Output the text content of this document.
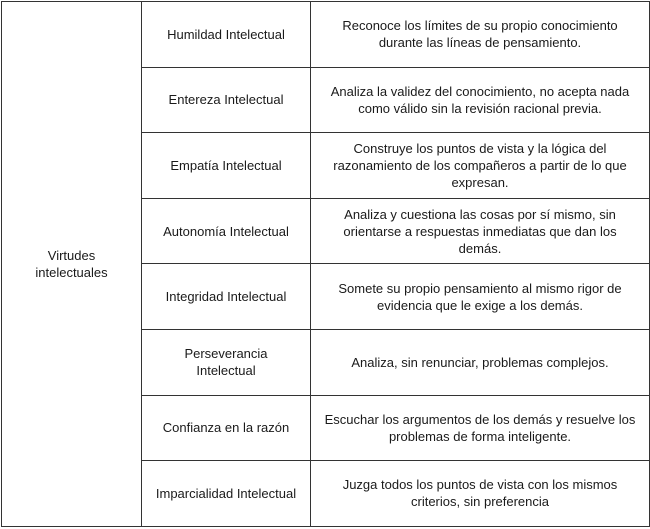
Virtudes intelectuales	Humildad Intelectual	Reconoce los límites de su propio conocimiento durante las líneas de pensamiento.
	Entereza Intelectual	Analiza la validez del conocimiento, no acepta nada como válido sin la revisión racional previa.
	Empatía Intelectual	Construye los puntos de vista y la lógica del razonamiento de los compañeros a partir de lo que expresan.
	Autonomía Intelectual	Analiza y cuestiona las cosas por sí mismo, sin orientarse a respuestas inmediatas que dan los demás.
	Integridad Intelectual	Somete su propio pensamiento al mismo rigor de evidencia que le exige a los demás.
	Perseverancia Intelectual	Analiza, sin renunciar, problemas complejos.
	Confianza en la razón	Escuchar los argumentos de los demás y resuelve los problemas de forma inteligente.
	Imparcialidad Intelectual	Juzga todos los puntos de vista con los mismos criterios, sin preferencia
